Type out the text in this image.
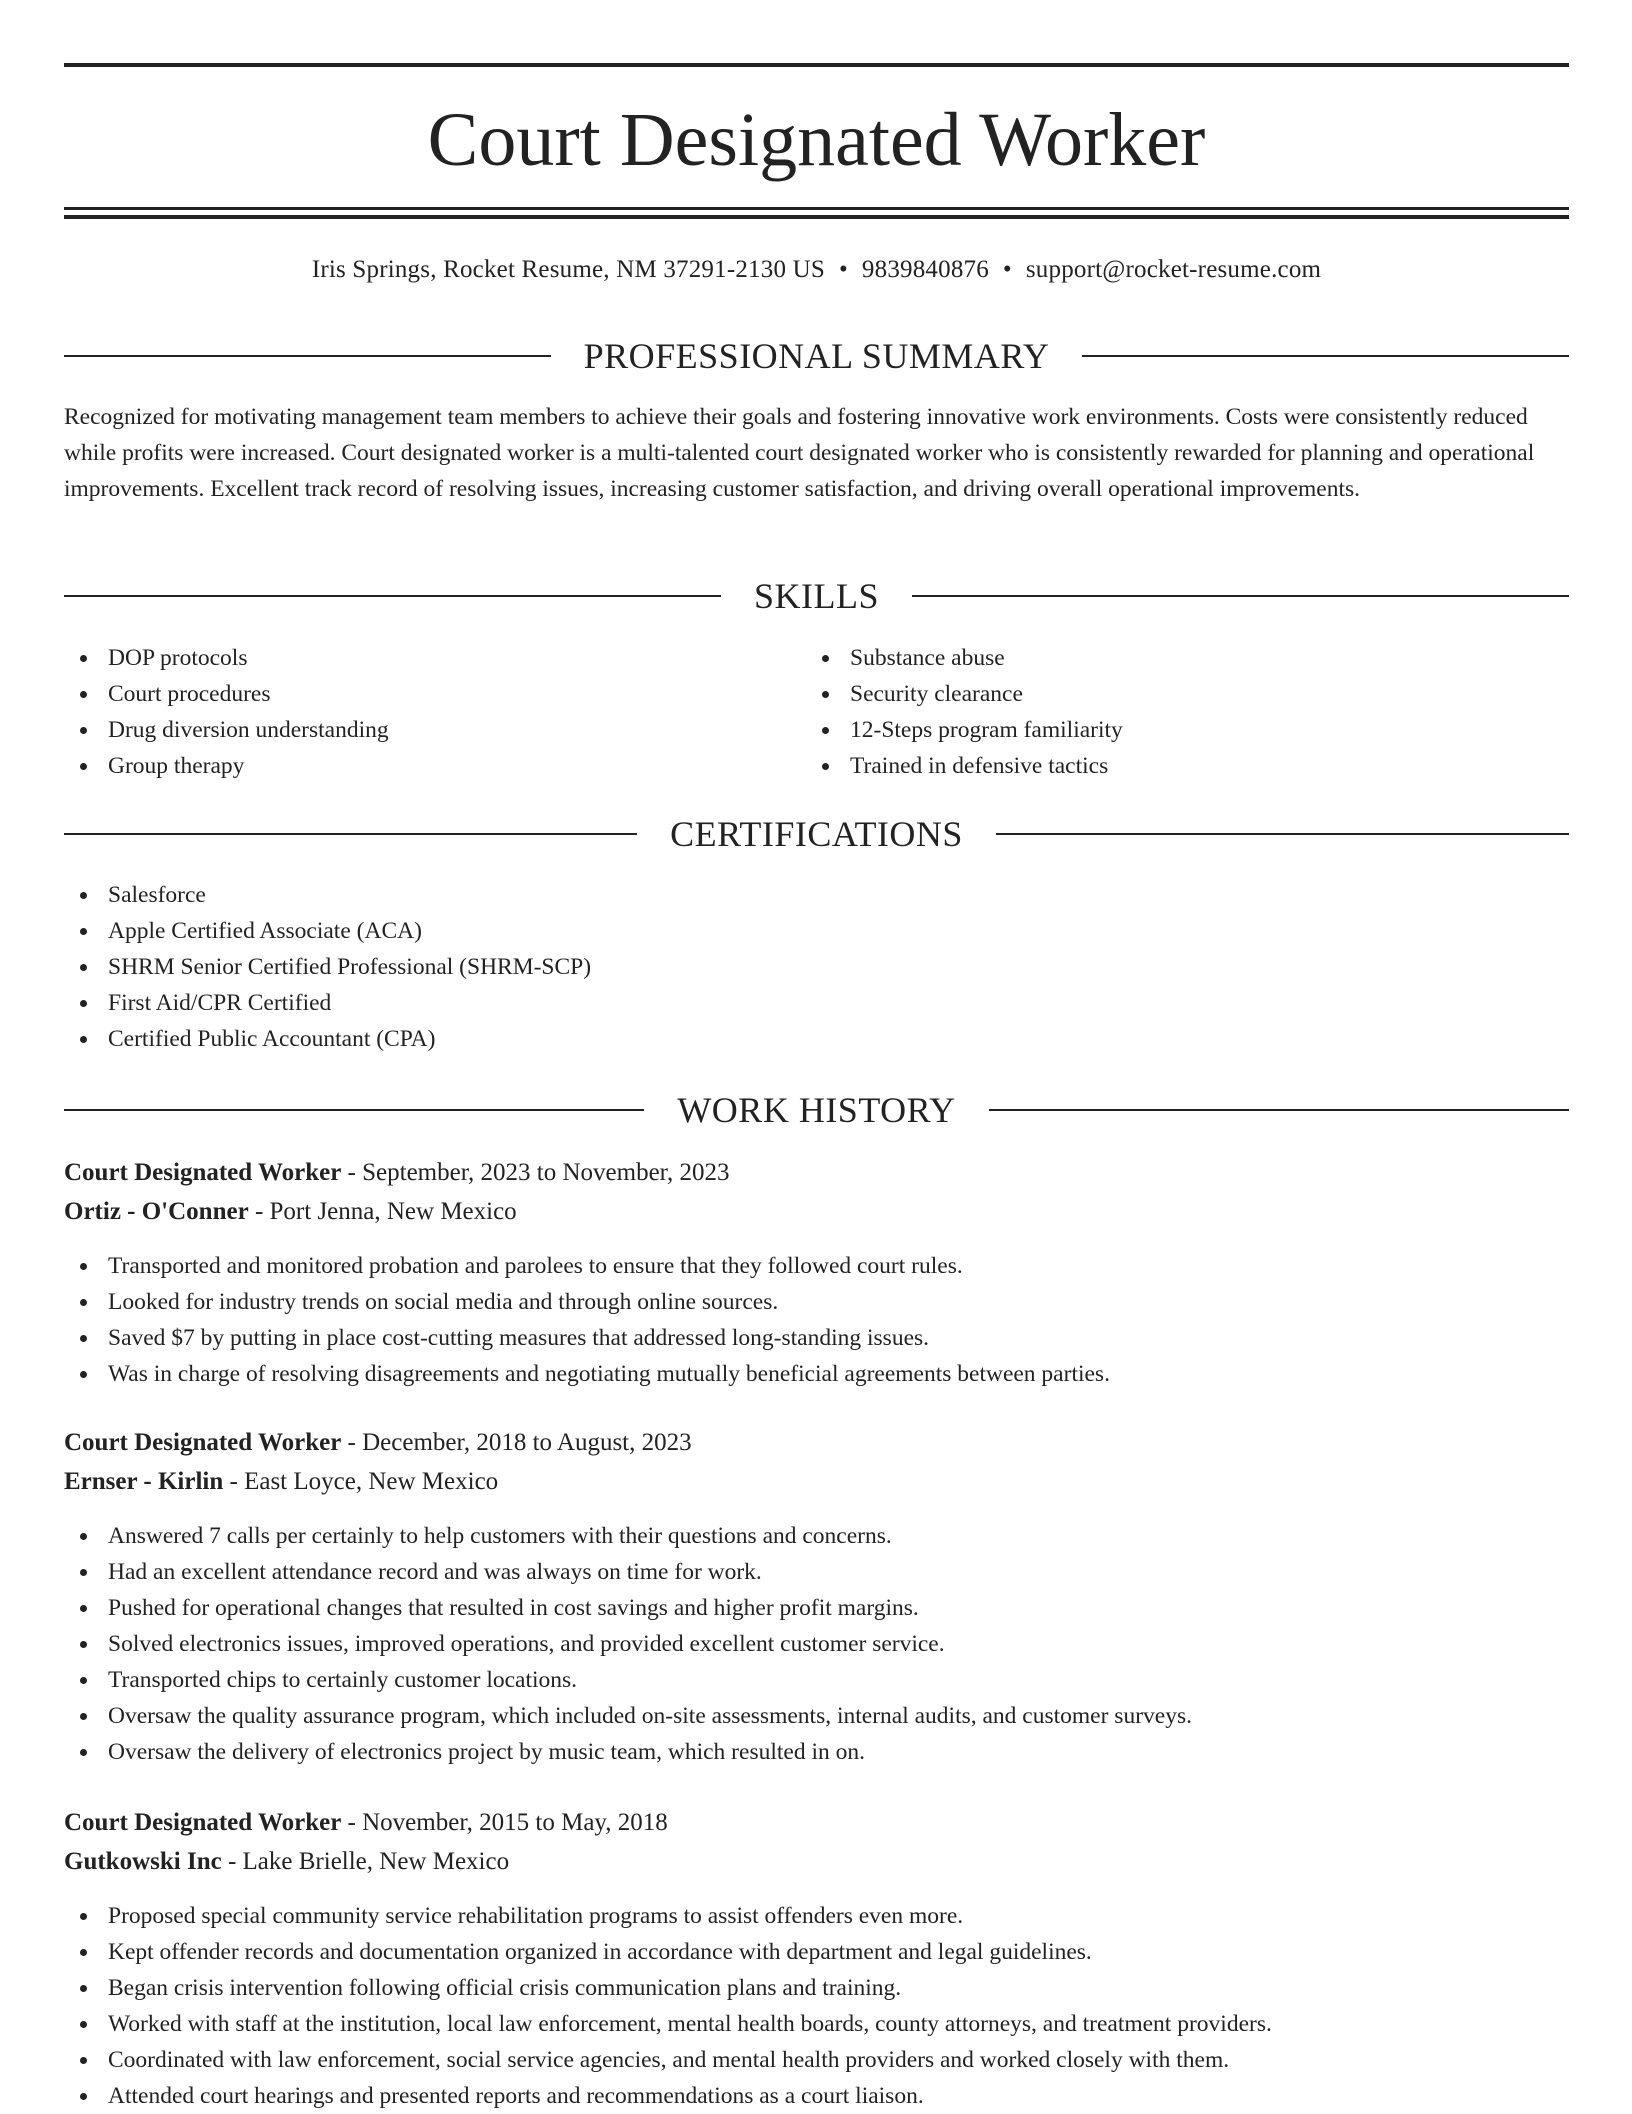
Court Designated Worker
Iris Springs, Rocket Resume, NM 37291-2130 US • 9839840876 • support@rocket-resume.com
PROFESSIONAL SUMMARY

Recognized for motivating management team members to achieve their goals and fostering innovative work environments. Costs were consistently reduced while profits were increased. Court designated worker is a multi-talented court designated worker who is consistently rewarded for planning and operational improvements. Excellent track record of resolving issues, increasing customer satisfaction, and driving overall operational improvements.

SKILLS
DOP protocols
Court procedures
Drug diversion understanding
Group therapy
Substance abuse
Security clearance
12-Steps program familiarity
Trained in defensive tactics
CERTIFICATIONS
Salesforce
Apple Certified Associate (ACA)
SHRM Senior Certified Professional (SHRM-SCP)
First Aid/CPR Certified
Certified Public Accountant (CPA)
WORK HISTORY
Court Designated Worker - September, 2023 to November, 2023
Ortiz - O'Conner - Port Jenna, New Mexico
Transported and monitored probation and parolees to ensure that they followed court rules.
Looked for industry trends on social media and through online sources.
Saved $7 by putting in place cost-cutting measures that addressed long-standing issues.
Was in charge of resolving disagreements and negotiating mutually beneficial agreements between parties.
Court Designated Worker - December, 2018 to August, 2023
Ernser - Kirlin - East Loyce, New Mexico
Answered 7 calls per certainly to help customers with their questions and concerns.
Had an excellent attendance record and was always on time for work.
Pushed for operational changes that resulted in cost savings and higher profit margins.
Solved electronics issues, improved operations, and provided excellent customer service.
Transported chips to certainly customer locations.
Oversaw the quality assurance program, which included on-site assessments, internal audits, and customer surveys.
Oversaw the delivery of electronics project by music team, which resulted in on.
Court Designated Worker - November, 2015 to May, 2018
Gutkowski Inc - Lake Brielle, New Mexico
Proposed special community service rehabilitation programs to assist offenders even more.
Kept offender records and documentation organized in accordance with department and legal guidelines.
Began crisis intervention following official crisis communication plans and training.
Worked with staff at the institution, local law enforcement, mental health boards, county attorneys, and treatment providers.
Coordinated with law enforcement, social service agencies, and mental health providers and worked closely with them.
Attended court hearings and presented reports and recommendations as a court liaison.
